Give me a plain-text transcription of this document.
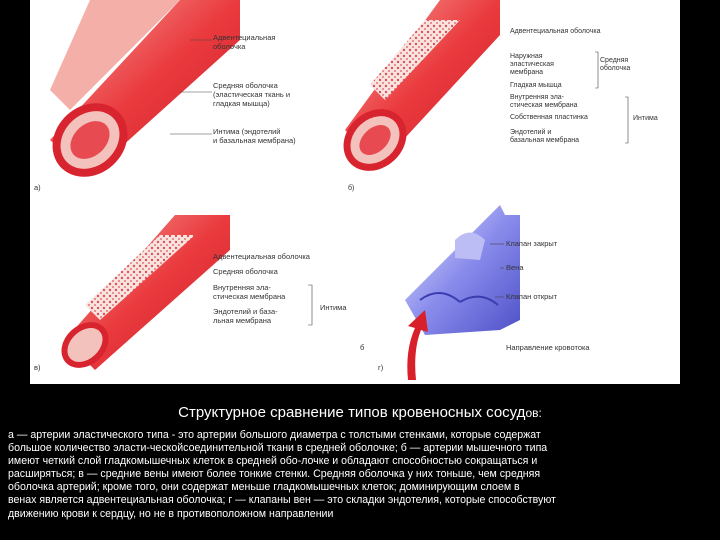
Адвентециальная
оболочка
Средняя оболочка
(эластическая ткань и
гладкая мышца)
Интима (эндотелий
и базальная мембрана)
а)
Адвентециальная оболочка
Наружная
эластическая
мембрана
Гладкая мышца
Внутренняя эла-
стическая мембрана
Собственная пластинка
Эндотелий и
базальная мембрана
Средняя
оболочка
Интима
б)
Адвентециальная оболочка
Средняя оболочка
Внутренняя эла-
стическая мембрана
Эндотелий и база-
льная мембрана
Интима
в)
Клапан закрыт
Вена
Клапан открыт
Направление кровотока
б
г)
Структурное сравнение типов кровеносных сосудов:

а — артерии эластического типа - это артерии большого диаметра с толстыми стенками, которые содержат

большое количество эласти-ческойсоединительной ткани в средней оболочке; б — артерии мышечного типа

имеют четкий слой гладкомышечных клеток в средней обо-лочке и обладают способностью сокращаться и

расширяться; в — средние вены имеют более тонкие стенки. Средняя оболочка у них тоньше, чем средняя

оболочка артерий; кроме того, они содержат меньше гладкомышечных клеток; доминирующим слоем в

венах является адвентециальная оболочка; г — клапаны вен — это складки эндотелия, которые способствуют

движению крови к сердцу, но не в противоположном направлении
